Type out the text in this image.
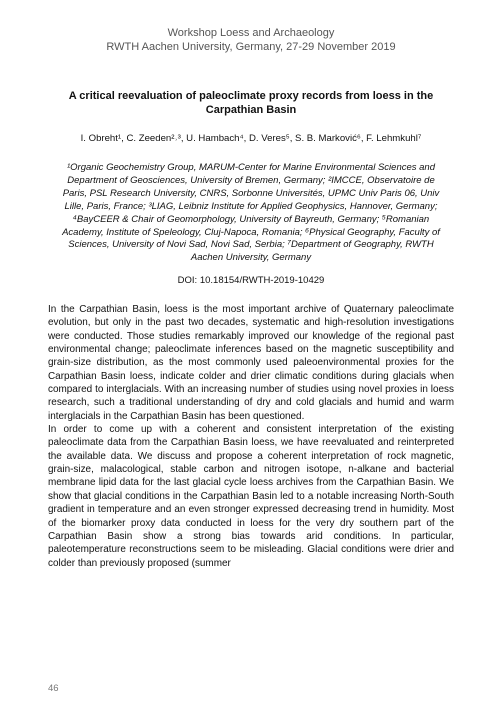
Workshop Loess and Archaeology
RWTH Aachen University, Germany, 27-29 November 2019
A critical reevaluation of paleoclimate proxy records from loess in the Carpathian Basin
I. Obreht¹, C. Zeeden²˒³, U. Hambach⁴, D. Veres⁵, S. B. Marković⁶, F. Lehmkuhl⁷
¹Organic Geochemistry Group, MARUM-Center for Marine Environmental Sciences and Department of Geosciences, University of Bremen, Germany; ²IMCCE, Observatoire de Paris, PSL Research University, CNRS, Sorbonne Universités, UPMC Univ Paris 06, Univ Lille, Paris, France; ³LIAG, Leibniz Institute for Applied Geophysics, Hannover, Germany; ⁴BayCEER & Chair of Geomorphology, University of Bayreuth, Germany; ⁵Romanian Academy, Institute of Speleology, Cluj-Napoca, Romania; ⁶Physical Geography, Faculty of Sciences, University of Novi Sad, Novi Sad, Serbia; ⁷Department of Geography, RWTH Aachen University, Germany
DOI: 10.18154/RWTH-2019-10429

In the Carpathian Basin, loess is the most important archive of Quaternary paleoclimate evolution, but only in the past two decades, systematic and high-resolution investigations were conducted. Those studies remarkably improved our knowledge of the regional past environmental change; paleoclimate inferences based on the magnetic susceptibility and grain-size distribution, as the most commonly used paleoenvironmental proxies for the Carpathian Basin loess, indicate colder and drier climatic conditions during glacials when compared to interglacials. With an increasing number of studies using novel proxies in loess research, such a traditional understanding of dry and cold glacials and humid and warm interglacials in the Carpathian Basin has been questioned.

In order to come up with a coherent and consistent interpretation of the existing paleoclimate data from the Carpathian Basin loess, we have reevaluated and reinterpreted the available data. We discuss and propose a coherent interpretation of rock magnetic, grain-size, malacological, stable carbon and nitrogen isotope, n-alkane and bacterial membrane lipid data for the last glacial cycle loess archives from the Carpathian Basin. We show that glacial conditions in the Carpathian Basin led to a notable increasing North-South gradient in temperature and an even stronger expressed decreasing trend in humidity. Most of the biomarker proxy data conducted in loess for the very dry southern part of the Carpathian Basin show a strong bias towards arid conditions. In particular, paleotemperature reconstructions seem to be misleading. Glacial conditions were drier and colder than previously proposed (summer

46
